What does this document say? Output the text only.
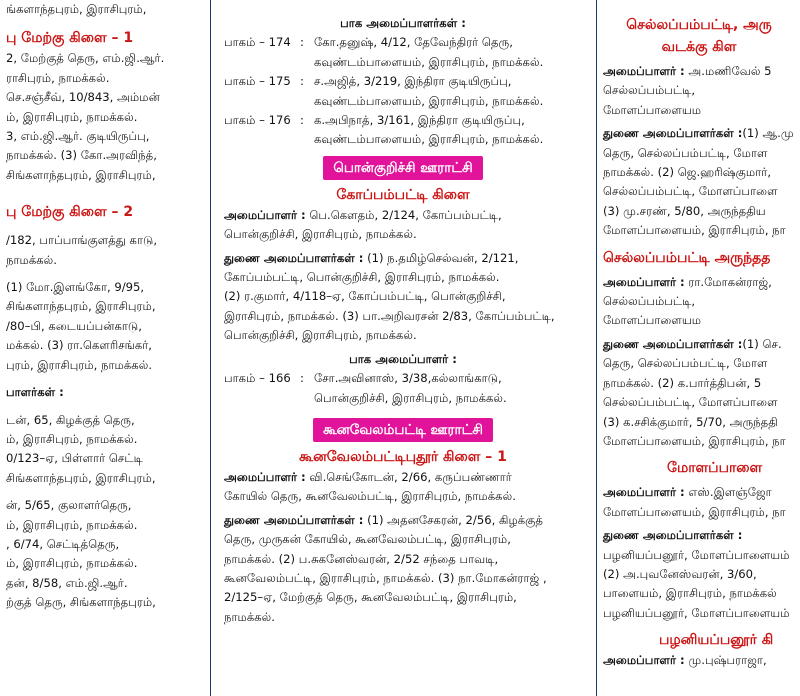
ங்களாந்தபுரம், இராசிபுரம்,

பு மேற்கு கிளை – 1

2, மேற்குத் தெரு, எம்.ஜி.ஆர்.

ராசிபுரம், நாமக்கல்.

செ.சஞ்சீவ், 10/843, அம்மன்

ம், இராசிபுரம், நாமக்கல்.

3, எம்.ஜி.ஆர். குடியிருப்பு,

நாமக்கல். (3) கோ.அரவிந்த்,

சிங்களாந்தபுரம், இராசிபுரம்,

பு மேற்கு கிளை – 2

/182, பாப்பாங்குளத்து காடு,

நாமக்கல்.

(1) மோ.இளங்கோ, 9/95,

சிங்களாந்தபுரம், இராசிபுரம்,

/80–பி, கடையப்பன்காடு,

மக்கல். (3) ரா.கௌரிசங்கர்,

புரம், இராசிபுரம், நாமக்கல்.

பாளர்கள் :

டன், 65, கிழக்குத் தெரு,

ம், இராசிபுரம், நாமக்கல்.

0/123–ஏ, பிள்ளார் செட்டி

சிங்களாந்தபுரம், இராசிபுரம்,

ன், 5/65, குலாளர்தெரு,

ம், இராசிபுரம், நாமக்கல்.

, 6/74, செட்டித்தெரு,

ம், இராசிபுரம், நாமக்கல்.

தன், 8/58, எம்.ஜி.ஆர்.

ற்குத் தெரு, சிங்களாந்தபுரம்,

பாக அமைப்பாளர்கள் :

பாகம் – 174 : கோ.தனுஷ், 4/12, தேவேந்திரர் தெரு,
கவுண்டம்பாளையம், இராசிபுரம், நாமக்கல்.
பாகம் – 175 : ச.அஜித், 3/219, இந்திரா குடியிருப்பு,
கவுண்டம்பாளையம், இராசிபுரம், நாமக்கல்.
பாகம் – 176 : க.அபிநாத், 3/161, இந்திரா குடியிருப்பு,
கவுண்டம்பாளையம், இராசிபுரம், நாமக்கல்.
பொன்குறிச்சி ஊராட்சி

கோப்பம்பட்டி கிளை

அமைப்பாளர் : பெ.கௌதம், 2/124, கோப்பம்பட்டி,

பொன்குறிச்சி, இராசிபுரம், நாமக்கல்.

துணை அமைப்பாளர்கள் : (1) ந.தமிழ்செல்வன், 2/121,

கோப்பம்பட்டி, பொன்குறிச்சி, இராசிபுரம், நாமக்கல்.

(2) ர.குமார், 4/118–ஏ, கோப்பம்பட்டி, பொன்குறிச்சி,

இராசிபுரம், நாமக்கல். (3) பா.அறிவரசன் 2/83, கோப்பம்பட்டி,

பொன்குறிச்சி, இராசிபுரம், நாமக்கல்.

பாக அமைப்பாளர் :

பாகம் – 166 : சோ.அவினாஸ், 3/38,கல்லாங்காடு,
பொன்குறிச்சி, இராசிபுரம், நாமக்கல்.
கூனவேலம்பட்டி ஊராட்சி

கூனவேலம்பட்டிபுதூர் கிளை – 1

அமைப்பாளர் : வி.செங்கோடன், 2/66, கருப்பண்ணார்

கோயில் தெரு, கூனவேலம்பட்டி, இராசிபுரம், நாமக்கல்.

துணை அமைப்பாளர்கள் : (1) அதனசேகரன், 2/56, கிழக்குத்

தெரு, முருகன் கோயில், கூனவேலம்பட்டி, இராசிபுரம்,

நாமக்கல். (2) ப.சுகனேஸ்வரன், 2/52 சந்தை பாவடி,

கூனவேலம்பட்டி, இராசிபுரம், நாமக்கல். (3) நா.மோகன்ராஜ் ,

2/125–ஏ, மேற்குத் தெரு, கூனவேலம்பட்டி, இராசிபுரம்,

நாமக்கல்.

செல்லப்பம்பட்டி, அரு

வடக்கு கிள

அமைப்பாளர் : அ.மணிவேல் 5

செல்லப்பம்பட்டி, மோளப்பாளையம

துணை அமைப்பாளர்கள் :(1) ஆ.மு

தெரு, செல்லப்பம்பட்டி, மோள

நாமக்கல். (2) ஜெ.ஹரிஷ்குமார்,

செல்லப்பம்பட்டி, மோளப்பாளை

(3) மு.சரண், 5/80, அருந்ததிய

மோளப்பாளையம், இராசிபுரம், நா

செல்லப்பம்பட்டி அருந்தத

அமைப்பாளர் : ரா.மோகன்ராஜ்,

செல்லப்பம்பட்டி, மோளப்பாளையம

துணை அமைப்பாளர்கள் :(1) செ.

தெரு, செல்லப்பம்பட்டி, மோள

நாமக்கல். (2) க.பார்த்திபன், 5

செல்லப்பம்பட்டி, மோளப்பாளை

(3) க.சசிக்குமார், 5/70, அருந்ததி

மோளப்பாளையம், இராசிபுரம், நா

மோளப்பாளை

அமைப்பாளர் : எஸ்.இளஞ்ஜோ

மோளப்பாளையம், இராசிபுரம், நா

துணை அமைப்பாளர்கள் :

பழனியப்பனூர், மோளப்பாளையம்

(2) அ.புவனேஸ்வரன், 3/60,

பாளையம், இராசிபுரம், நாமக்கல்

பழனியப்பனூர், மோளப்பாளையம்

பழனியப்பனூர் கி

அமைப்பாளர் : மு.புஷ்பராஜா,
